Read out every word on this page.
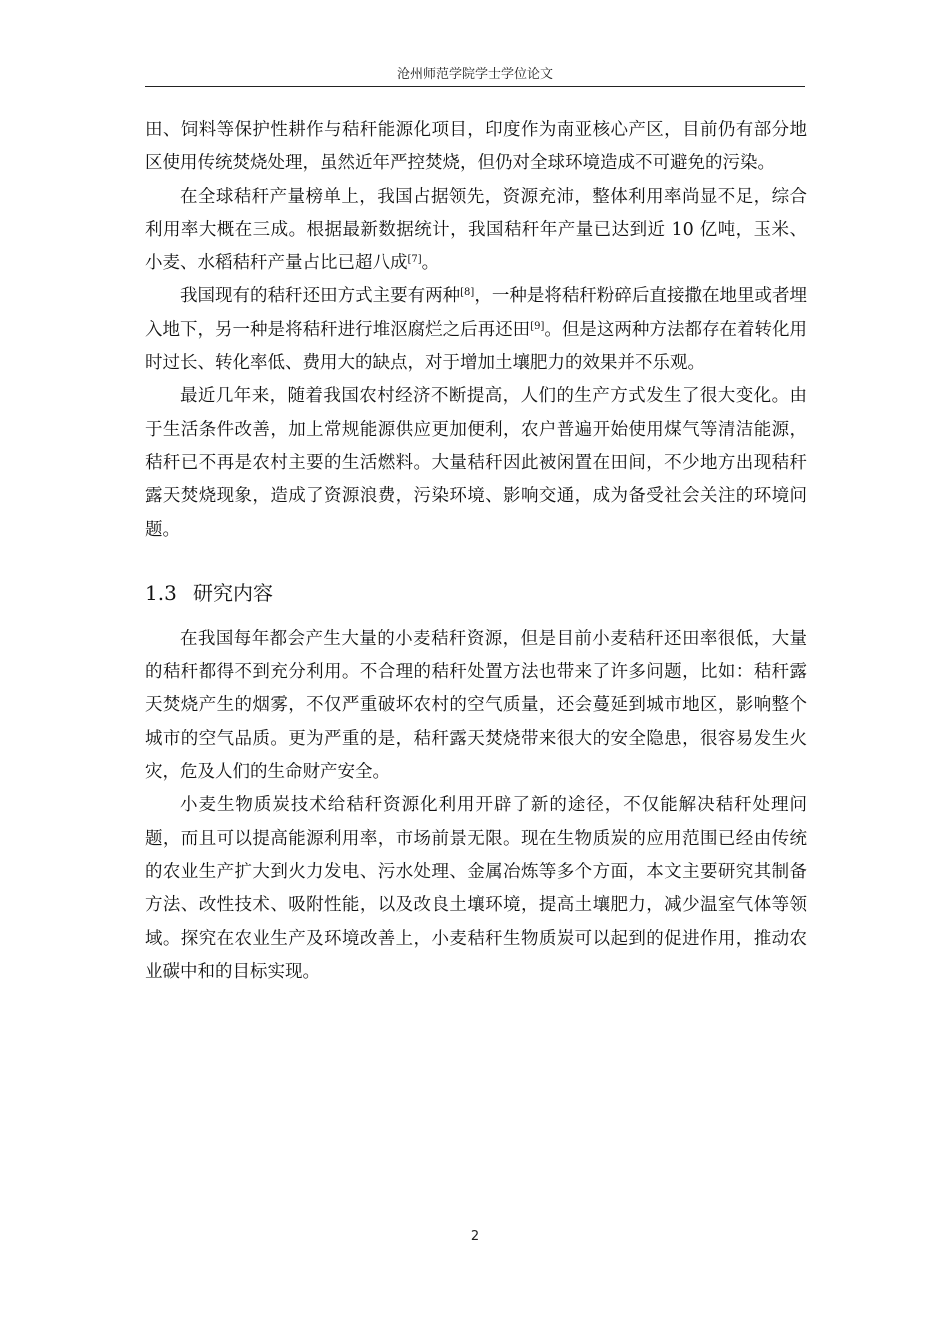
沧州师范学院学士学位论文

田、饲料等保护性耕作与秸秆能源化项目，印度作为南亚核心产区，目前仍有部分地区使用传统焚烧处理，虽然近年严控焚烧，但仍对全球环境造成不可避免的污染。

在全球秸秆产量榜单上，我国占据领先，资源充沛，整体利用率尚显不足，综合利用率大概在三成。根据最新数据统计，我国秸秆年产量已达到近 10 亿吨，玉米、小麦、水稻秸秆产量占比已超八成[7]。

我国现有的秸秆还田方式主要有两种[8]，一种是将秸秆粉碎后直接撒在地里或者埋入地下，另一种是将秸秆进行堆沤腐烂之后再还田[9]。但是这两种方法都存在着转化用时过长、转化率低、费用大的缺点，对于增加土壤肥力的效果并不乐观。

最近几年来，随着我国农村经济不断提高，人们的生产方式发生了很大变化。由于生活条件改善，加上常规能源供应更加便利，农户普遍开始使用煤气等清洁能源，秸秆已不再是农村主要的生活燃料。大量秸秆因此被闲置在田间，不少地方出现秸秆露天焚烧现象，造成了资源浪费，污染环境、影响交通，成为备受社会关注的环境问题。

1.3 研究内容

在我国每年都会产生大量的小麦秸秆资源，但是目前小麦秸秆还田率很低，大量的秸秆都得不到充分利用。不合理的秸秆处置方法也带来了许多问题，比如：秸秆露天焚烧产生的烟雾，不仅严重破坏农村的空气质量，还会蔓延到城市地区，影响整个城市的空气品质。更为严重的是，秸秆露天焚烧带来很大的安全隐患，很容易发生火灾，危及人们的生命财产安全。

小麦生物质炭技术给秸秆资源化利用开辟了新的途径，不仅能解决秸秆处理问题，而且可以提高能源利用率，市场前景无限。现在生物质炭的应用范围已经由传统的农业生产扩大到火力发电、污水处理、金属冶炼等多个方面，本文主要研究其制备方法、改性技术、吸附性能，以及改良土壤环境，提高土壤肥力，减少温室气体等领域。探究在农业生产及环境改善上，小麦秸秆生物质炭可以起到的促进作用，推动农业碳中和的目标实现。

2
